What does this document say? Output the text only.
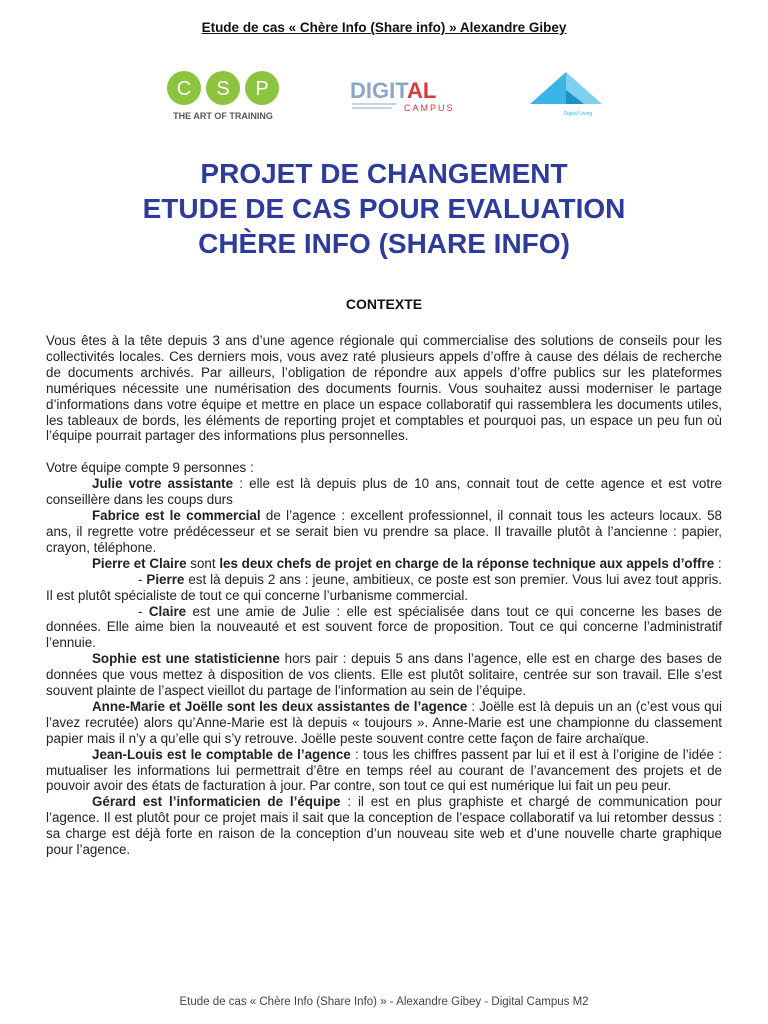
Etude de cas « Chère Info (Share info) » Alexandre Gibey
C S P
THE ART OF TRAINING
DIGITAL
CAMPUS
Digital Living
PROJET DE CHANGEMENT
ETUDE DE CAS POUR EVALUATION
CHÈRE INFO (SHARE INFO)
CONTEXTE

Vous êtes à la tête depuis 3 ans d’une agence régionale qui commercialise des solutions de conseils pour les collectivités locales. Ces derniers mois, vous avez raté plusieurs appels d’offre à cause des délais de recherche de documents archivés. Par ailleurs, l’obligation de répondre aux appels d’offre publics sur les plateformes numériques nécessite une numérisation des documents fournis. Vous souhaitez aussi moderniser le partage d’informations dans votre équipe et mettre en place un espace collaboratif qui rassemblera les documents utiles, les tableaux de bords, les éléments de reporting projet et comptables et pourquoi pas, un espace un peu fun où l’équipe pourrait partager des informations plus personnelles.

Votre équipe compte 9 personnes :

Julie votre assistante : elle est là depuis plus de 10 ans, connait tout de cette agence et est votre conseillère dans les coups durs

Fabrice est le commercial de l’agence : excellent professionnel, il connait tous les acteurs locaux. 58 ans, il regrette votre prédécesseur et se serait bien vu prendre sa place. Il travaille plutôt à l’ancienne : papier, crayon, téléphone.

Pierre et Claire sont les deux chefs de projet en charge de la réponse technique aux appels d’offre :

- Pierre est là depuis 2 ans : jeune, ambitieux, ce poste est son premier. Vous lui avez tout appris. Il est plutôt spécialiste de tout ce qui concerne l’urbanisme commercial.

- Claire est une amie de Julie : elle est spécialisée dans tout ce qui concerne les bases de données. Elle aime bien la nouveauté et est souvent force de proposition. Tout ce qui concerne l’administratif l’ennuie.

Sophie est une statisticienne hors pair : depuis 5 ans dans l’agence, elle est en charge des bases de données que vous mettez à disposition de vos clients. Elle est plutôt solitaire, centrée sur son travail. Elle s’est souvent plainte de l’aspect vieillot du partage de l’information au sein de l’équipe.

Anne-Marie et Joëlle sont les deux assistantes de l’agence : Joëlle est là depuis un an (c’est vous qui l’avez recrutée) alors qu’Anne-Marie est là depuis « toujours ». Anne-Marie est une championne du classement papier mais il n’y a qu’elle qui s’y retrouve. Joëlle peste souvent contre cette façon de faire archaïque.

Jean-Louis est le comptable de l’agence : tous les chiffres passent par lui et il est à l’origine de l’idée : mutualiser les informations lui permettrait d’être en temps réel au courant de l’avancement des projets et de pouvoir avoir des états de facturation à jour. Par contre, son tout ce qui est numérique lui fait un peu peur.

Gérard est l’informaticien de l’équipe : il est en plus graphiste et chargé de communication pour l’agence. Il est plutôt pour ce projet mais il sait que la conception de l’espace collaboratif va lui retomber dessus : sa charge est déjà forte en raison de la conception d’un nouveau site web et d’une nouvelle charte graphique pour l’agence.

Etude de cas « Chère Info (Share Info) » - Alexandre Gibey - Digital Campus M2
